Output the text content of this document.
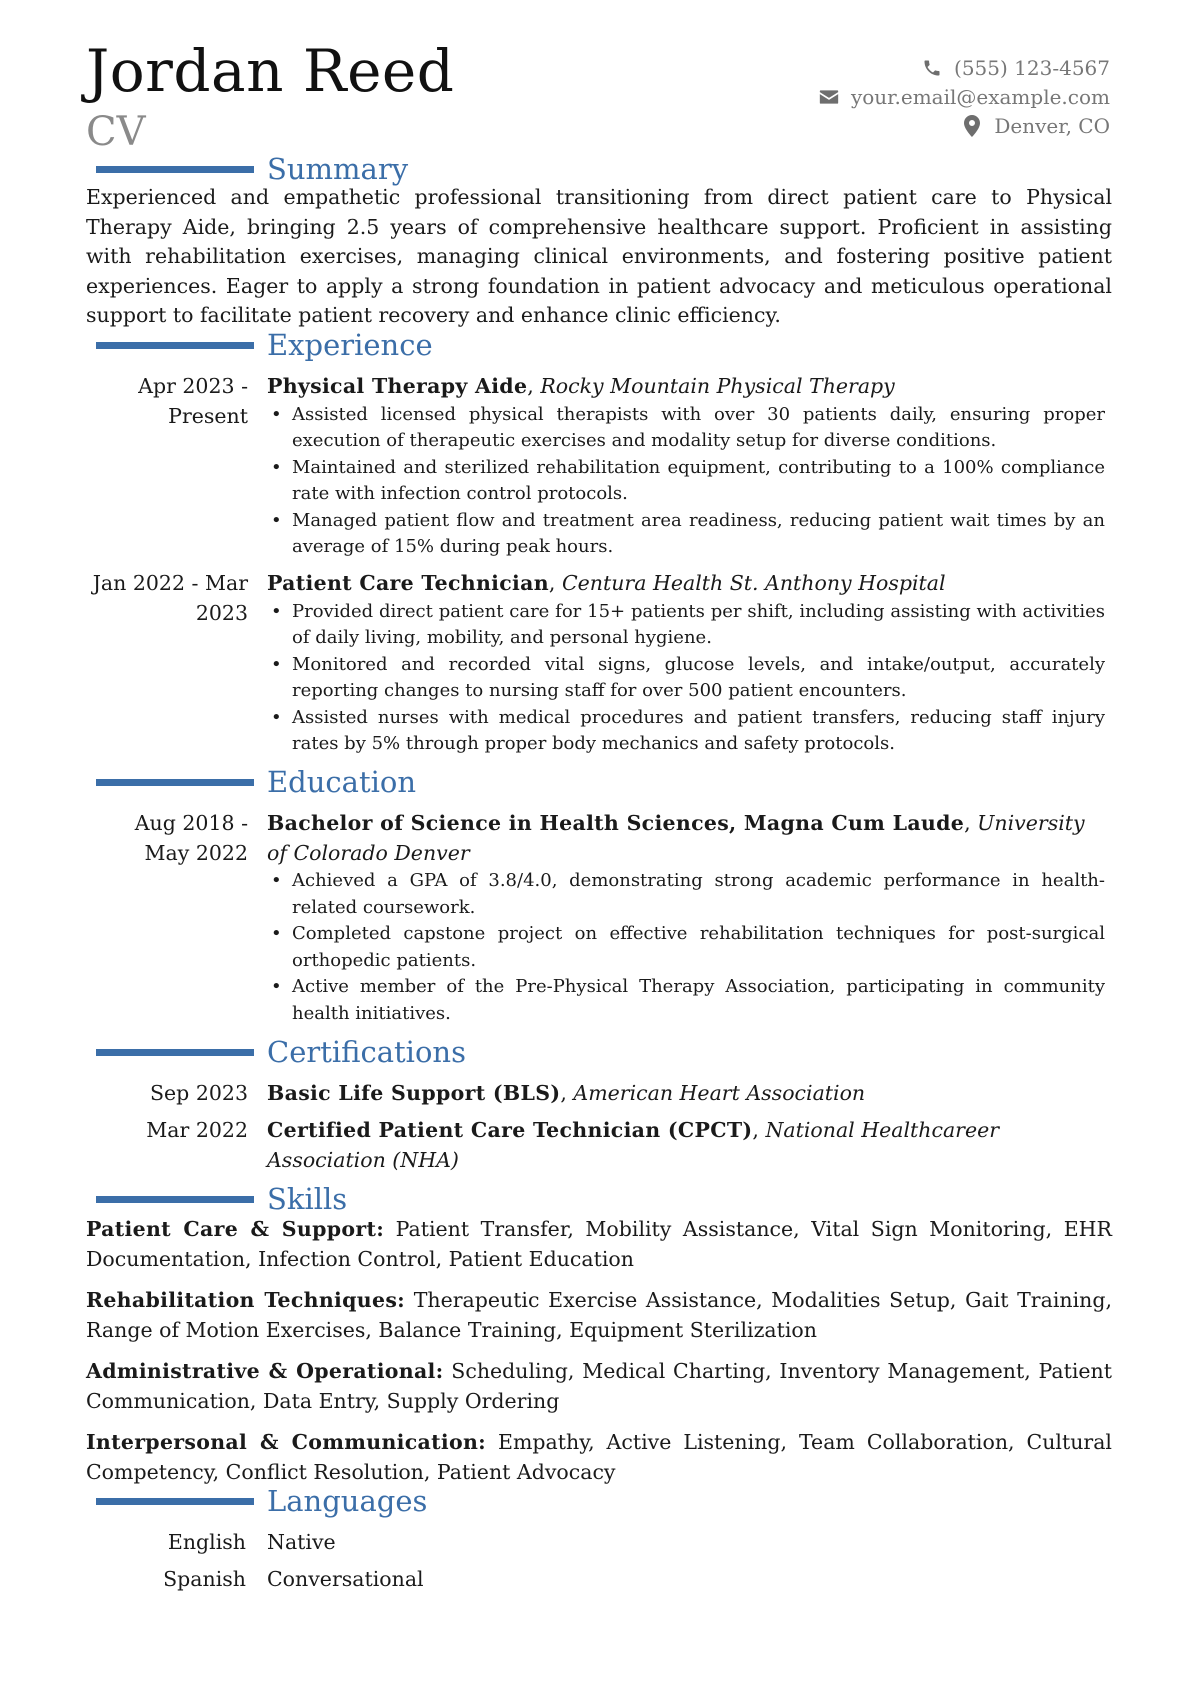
Jordan Reed
CV
(555) 123-4567
your.email@example.com
Denver, CO
Summary
Experienced and empathetic professional transitioning from direct patient care to Physical Therapy Aide, bringing 2.5 years of comprehensive healthcare support. Proficient in assisting with rehabilitation exercises, managing clinical environments, and fostering positive patient experiences. Eager to apply a strong foundation in patient advocacy and meticulous operational support to facilitate patient recovery and enhance clinic efficiency.
Experience
Apr 2023 - Present
Physical Therapy Aide, Rocky Mountain Physical Therapy
• Assisted licensed physical therapists with over 30 patients daily, ensuring proper execution of therapeutic exercises and modality setup for diverse conditions.
• Maintained and sterilized rehabilitation equipment, contributing to a 100% compliance rate with infection control protocols.
• Managed patient flow and treatment area readiness, reducing patient wait times by an average of 15% during peak hours.
Jan 2022 - Mar 2023
Patient Care Technician, Centura Health St. Anthony Hospital
• Provided direct patient care for 15+ patients per shift, including assisting with activities of daily living, mobility, and personal hygiene.
• Monitored and recorded vital signs, glucose levels, and intake/output, accurately reporting changes to nursing staff for over 500 patient encounters.
• Assisted nurses with medical procedures and patient transfers, reducing staff injury rates by 5% through proper body mechanics and safety protocols.
Education
Aug 2018 - May 2022
Bachelor of Science in Health Sciences, Magna Cum Laude, University of Colorado Denver
• Achieved a GPA of 3.8/4.0, demonstrating strong academic performance in health-related coursework.
• Completed capstone project on effective rehabilitation techniques for post-surgical orthopedic patients.
• Active member of the Pre-Physical Therapy Association, participating in community health initiatives.
Certifications
Sep 2023 Basic Life Support (BLS), American Heart Association
Mar 2022 Certified Patient Care Technician (CPCT), National Healthcareer Association (NHA)
Skills
Patient Care & Support: Patient Transfer, Mobility Assistance, Vital Sign Monitoring, EHR Documentation, Infection Control, Patient Education
Rehabilitation Techniques: Therapeutic Exercise Assistance, Modalities Setup, Gait Training, Range of Motion Exercises, Balance Training, Equipment Sterilization
Administrative & Operational: Scheduling, Medical Charting, Inventory Management, Patient Communication, Data Entry, Supply Ordering
Interpersonal & Communication: Empathy, Active Listening, Team Collaboration, Cultural Competency, Conflict Resolution, Patient Advocacy
Languages
English Native
Spanish Conversational
